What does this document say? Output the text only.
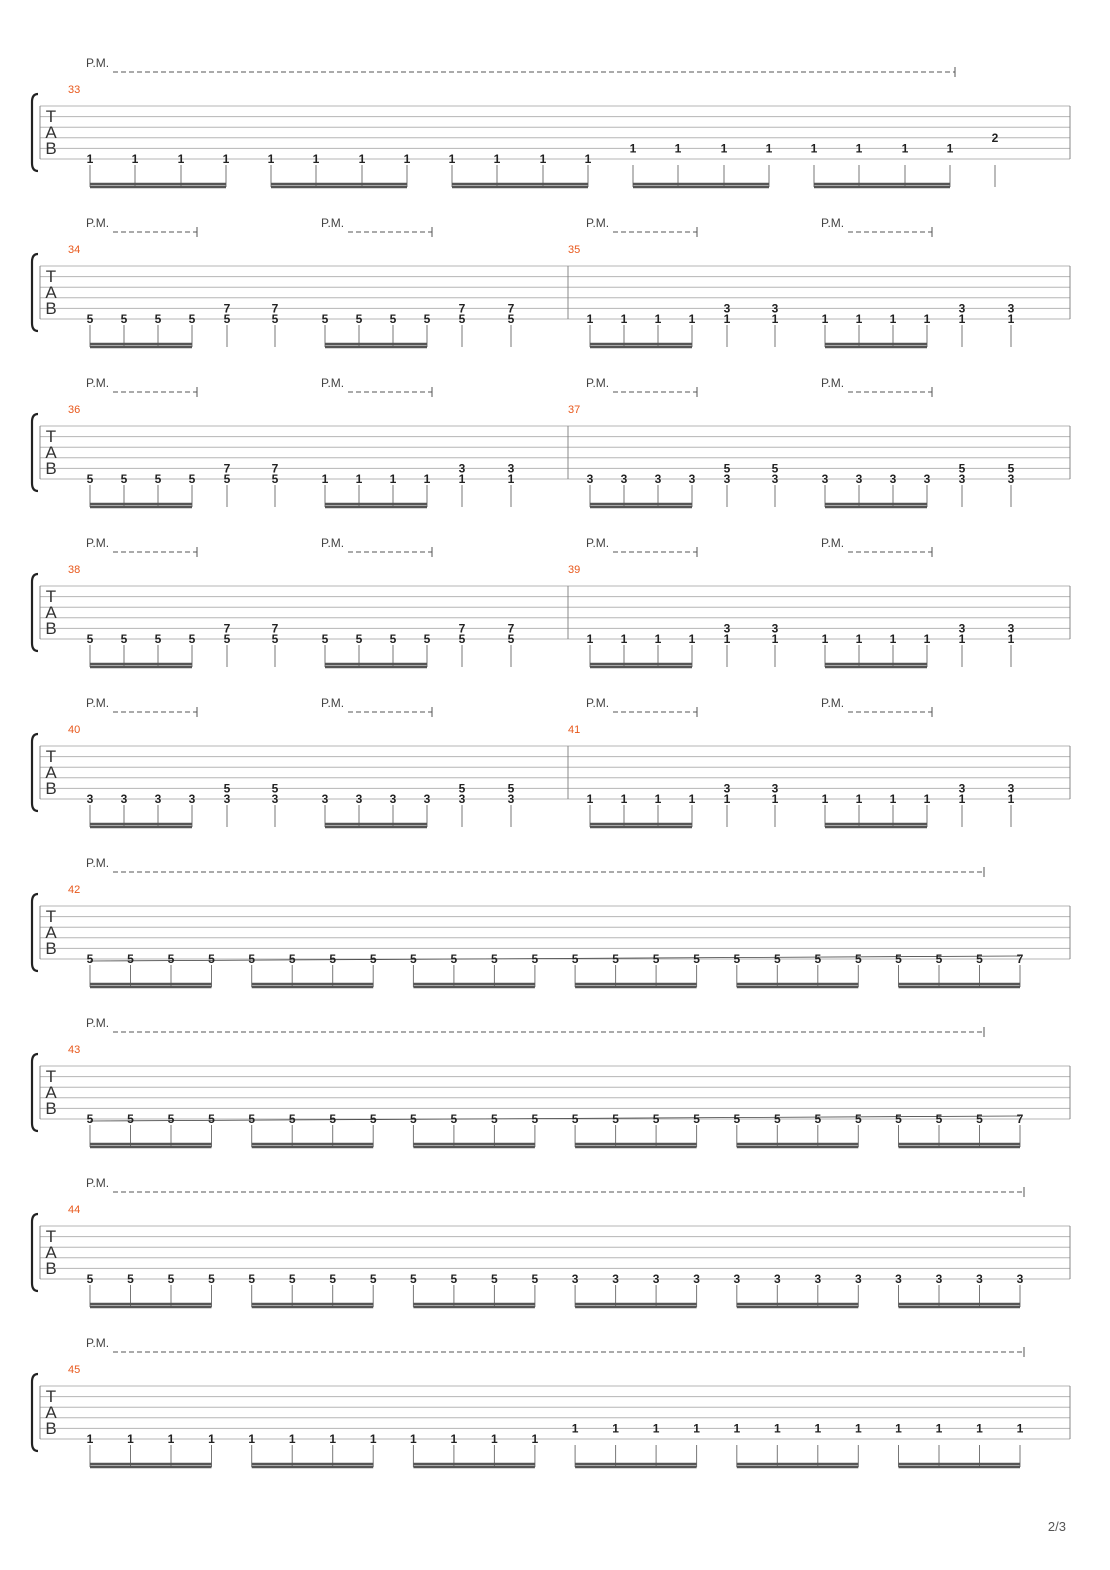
T
A
B
P.M.
33
1	1	1	1	1	1	1	1	1	1	1	1
1	1	1	1	1	1	1	1
2
T
A
B
P.M.	P.M.	P.M.	P.M.
34
5 5 5 5 5
7
5
7
5 5 5 5 5
7
5
7
35
1 1 1 1 1
3
1
3
1 1 1 1 1
3
1
3
T
A
B
P.M.	P.M.	P.M.	P.M.
36
5 5 5 5 5
7
5
7
1 1 1 1 1
3
1
3
37
3 3 3 3 3
5
3
5
3 3 3 3 3
5
3
5
T
A
B
P.M.	P.M.	P.M.	P.M.
38
5 5 5 5 5
7
5
7
5 5 5 5 5
7
5
7
39
1 1 1 1 1
3
1
3
1 1 1 1 1
3
1
3
T
A
B
P.M.	P.M.	P.M.	P.M.
40
3 3 3 3 3
5
3
5
3 3 3 3 3
5
3
5
41
1 1 1 1 1
3
1
3
1 1 1 1 1
3
1
3
T
A
B
P.M.
42
5	5	5	5	5	5	5	5	5	5	5	5	5	5	5	5	5	5	5	5	5	5	5	7
T
A
B
P.M.
43
5	5	5	5	5	5	5	5	5	5	5	5	5	5	5	5	5	5	5	5	5	5	5	7
T
A
B
P.M.
44
5	5	5	5	5	5	5	5	5	5	5	5	3	3	3	3	3	3	3	3	3	3	3	3
T
A
B
P.M.
45
1	1	1	1	1	1	1	1	1	1	1	1
1	1	1	1	1	1	1	1	1	1	1	1
2/3
